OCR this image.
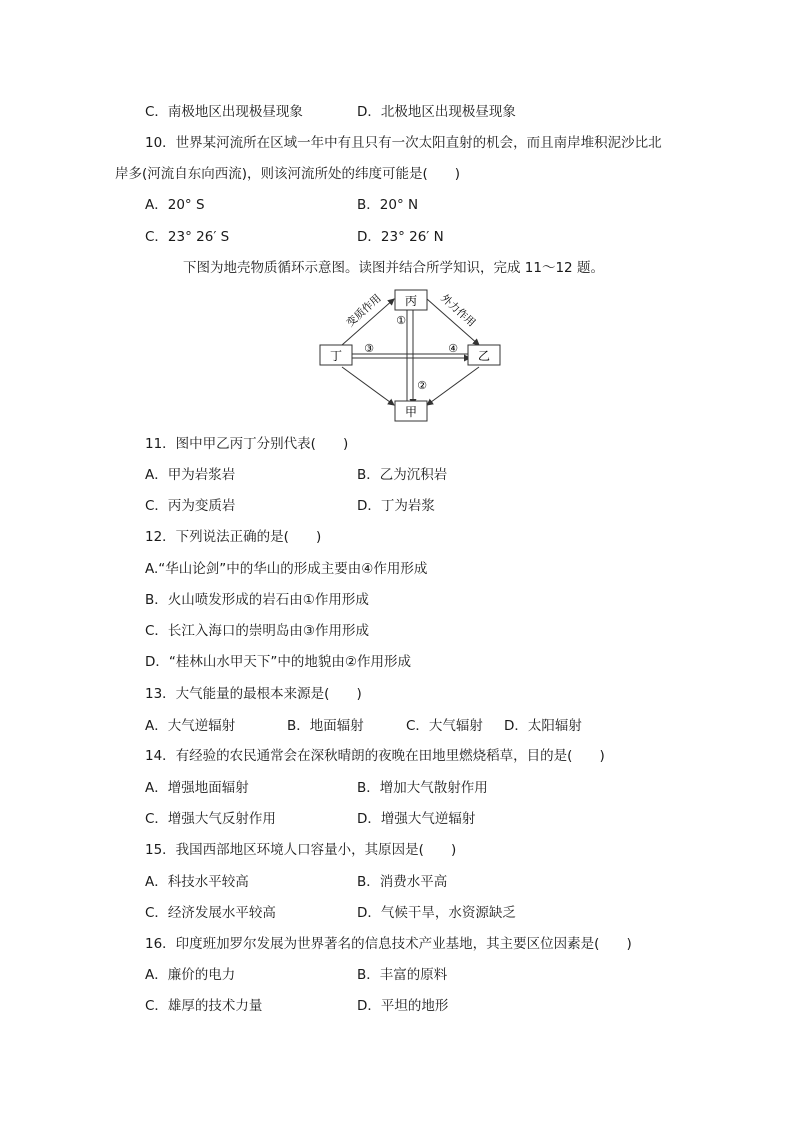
C．南极地区出现极昼现象	D．北极地区出现极昼现象
10．世界某河流所在区域一年中有且只有一次太阳直射的机会，而且南岸堆积泥沙比北
岸多(河流自东向西流)，则该河流所处的纬度可能是(　　)
A．20° S	B．20° N
C．23° 26′ S	D．23° 26′ N
下图为地壳物质循环示意图。读图并结合所学知识，完成 11～12 题。
丙
丁	乙
甲
变质作用	外力作用
①
②
③	④
11．图中甲乙丙丁分别代表(　　)
A．甲为岩浆岩	B．乙为沉积岩
C．丙为变质岩	D．丁为岩浆
12．下列说法正确的是(　　)
A.“华山论剑”中的华山的形成主要由④作用形成
B．火山喷发形成的岩石由①作用形成
C．长江入海口的崇明岛由③作用形成
D．“桂林山水甲天下”中的地貌由②作用形成
13．大气能量的最根本来源是(　　)
A．大气逆辐射	B．地面辐射	C．大气辐射 D．太阳辐射
14．有经验的农民通常会在深秋晴朗的夜晚在田地里燃烧稻草，目的是(　　)
A．增强地面辐射	B．增加大气散射作用
C．增强大气反射作用	D．增强大气逆辐射
15．我国西部地区环境人口容量小，其原因是(　　)
A．科技水平较高	B．消费水平高
C．经济发展水平较高	D．气候干旱，水资源缺乏
16．印度班加罗尔发展为世界著名的信息技术产业基地，其主要区位因素是(　　)
A．廉价的电力	B．丰富的原料
C．雄厚的技术力量	D．平坦的地形
